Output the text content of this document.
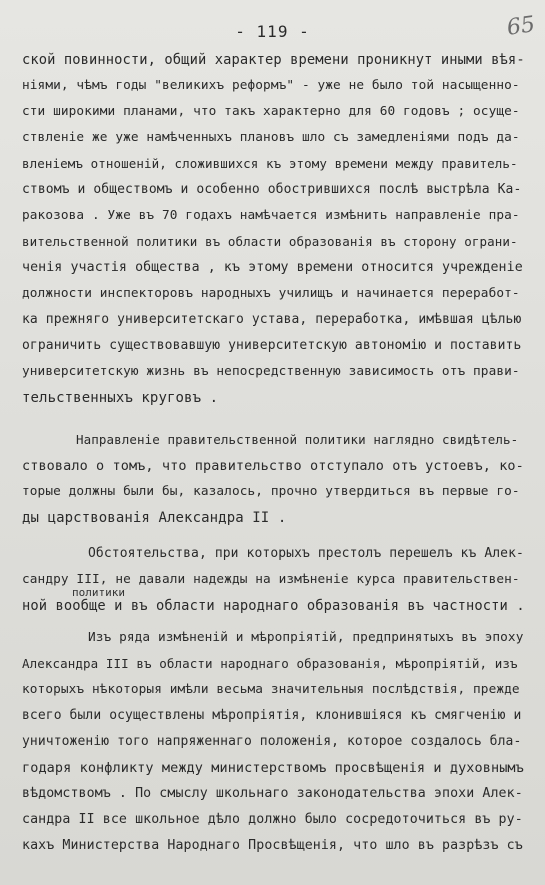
- 119 -	65
ской повинности, общий характер времени проникнут иными вѣя-
ніями, чѣмъ годы "великихъ реформъ" - уже не было той насыщенно-
сти широкими планами, что такъ характерно для 60 годовъ ; осуще-
ствленіе же уже намѣченныхъ плановъ шло съ замедленіями подъ да-
вленіемъ отношеній, сложившихся къ этому времени между правитель-
ствомъ и обществомъ и особенно обострившихся послѣ выстрѣла Ка-
ракозова . Уже въ 70 годахъ намѣчается измѣнить направленіе пра-
вительственной политики въ области образованія въ сторону ограни-
ченія участія общества , къ этому времени относится учрежденіе
должности инспекторовъ народныхъ училищъ и начинается переработ-
ка прежняго университетскаго устава, переработка, имѣвшая цѣлью
ограничить существовавшую университетскую автономію и поставить
университетскую жизнь въ непосредственную зависимость отъ прави-
тельственныхъ круговъ .
Направленіе правительственной политики наглядно свидѣтель-
ствовало о томъ, что правительство отступало отъ устоевъ, ко-
торые должны были бы, казалось, прочно утвердиться въ первые го-
ды царствованія Александра II .
Обстоятельства, при которыхъ престолъ перешелъ къ Алек-
сандру III, не давали надежды на измѣненіе курса правительствен-
политики
ной вообще и въ области народнаго образованія въ частности .
Изъ ряда измѣненій и мѣропріятій, предпринятыхъ въ эпоху
Александра III въ области народнаго образованія, мѣропріятій, изъ
которыхъ нѣкоторыя имѣли весьма значительныя послѣдствія, прежде
всего были осуществлены мѣропріятія, клонившіяся къ смягченію и
уничтоженію того напряженнаго положенія, которое создалось бла-
годаря конфликту между министерствомъ просвѣщенія и духовнымъ
вѣдомствомъ . По смыслу школьнаго законодательства эпохи Алек-
сандра II все школьное дѣло должно было сосредоточиться въ ру-
кахъ Министерства Народнаго Просвѣщенія, что шло въ разрѣзъ съ
